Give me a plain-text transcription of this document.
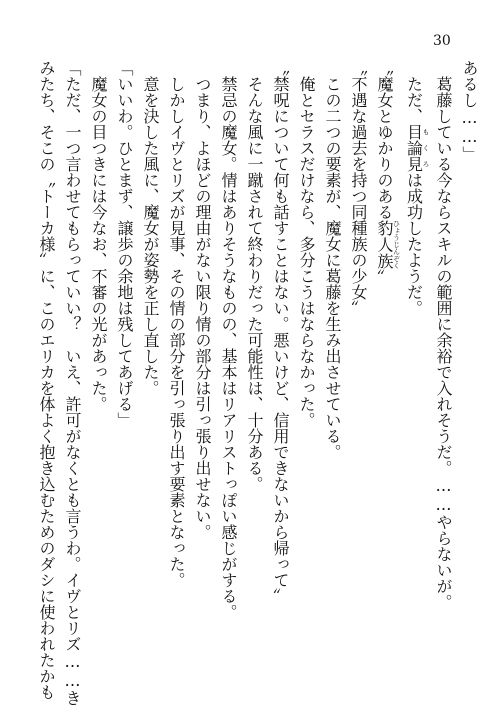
30
あるし……」
　葛藤している今ならスキルの範囲に余裕で入れそうだ。……やらないが。
　ただ、目論見もくろは成功したようだ。
〝魔女とゆかりのある豹人族ひょうじんぞく〟
〝不遇な過去を持つ同種族の少女〟
　この二つの要素が、魔女に葛藤を生み出させている。
　俺とセラスだけなら、多分こうはならなかった。
〝禁呪について何も話すことはない。悪いけど、信用できないから帰って〟
　そんな風に一蹴されて終わりだった可能性は、十分ある。
　禁忌の魔女。情はありそうなものの、基本はリアリストっぽい感じがする。
　つまり、よほどの理由がない限り情の部分は引っ張り出せない。
　しかしイヴとリズが見事、その情の部分を引っ張り出す要素となった。
　意を決した風に、魔女が姿勢を正し直した。
「いいわ。ひとまず、譲歩の余地は残してあげる」
　魔女の目つきには今なお、不審の光があった。
「ただ、一つ言わせてもらっていい？　いえ、許可がなくとも言うわ。イヴとリズ……き
みたち、そこの〝トーカ様〟に、このエリカを体よく抱き込むためのダシに使われたかも
